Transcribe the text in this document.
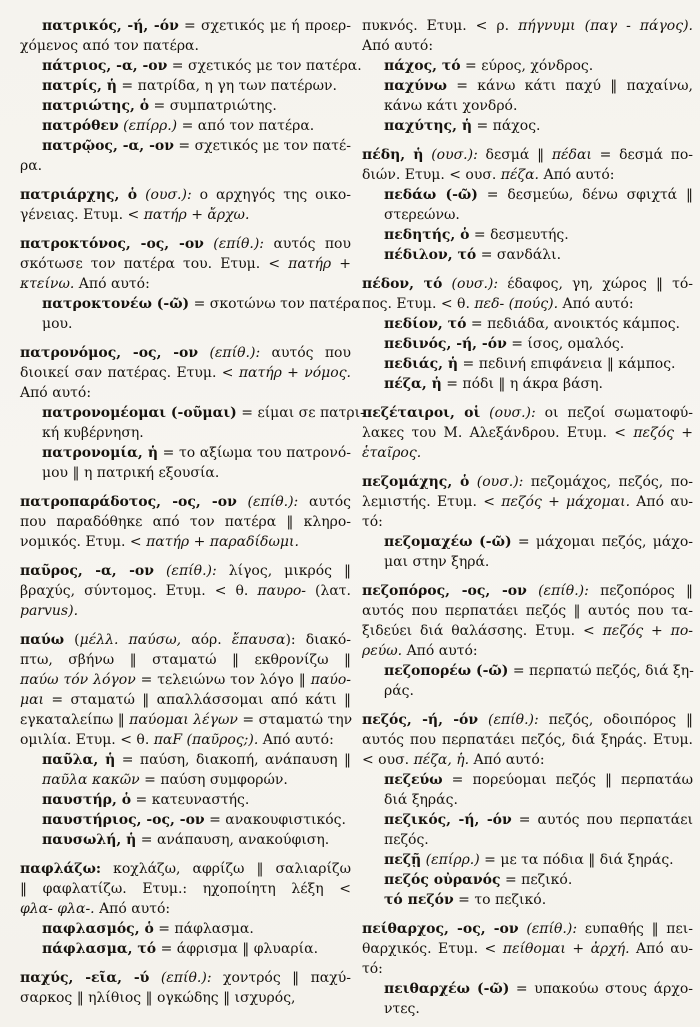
πατρικός, -ή, -όν = σχετικός με ή προερ-
χόμενος από τον πατέρα.
πάτριος, -α, -ον = σχετικός με τον πατέρα.
πατρίς, ἡ = πατρίδα, η γη των πατέρων.
πατριώτης, ὁ = συμπατριώτης.
πατρόθεν (επίρρ.) = από τον πατέρα.
πατρῷος, -α, -ον = σχετικός με τον πατέ-
ρα.
πατριάρχης, ὁ (ουσ.): ο αρχηγός της οικο-
γένειας. Ετυμ. < πατήρ + ἄρχω.
πατροκτόνος, -ος, -ον (επίθ.): αυτός που
σκότωσε τον πατέρα του. Ετυμ. < πατήρ +
κτείνω. Από αυτό:
πατροκτονέω (-ῶ) = σκοτώνω τον πατέρα
μου.
πατρονόμος, -ος, -ον (επίθ.): αυτός που
διοικεί σαν πατέρας. Ετυμ. < πατήρ + νόμος.
Από αυτό:
πατρονομέομαι (-οῦμαι) = είμαι σε πατρι-
κή κυβέρνηση.
πατρονομία, ἡ = το αξίωμα του πατρονό-
μου ‖ η πατρική εξουσία.
πατροπαράδοτος, -ος, -ον (επίθ.): αυτός
που παραδόθηκε από τον πατέρα ‖ κληρο-
νομικός. Ετυμ. < πατήρ + παραδίδωμι.
παῦρος, -α, -ον (επίθ.): λίγος, μικρός ‖
βραχύς, σύντομος. Ετυμ. < θ. παυρο- (λατ.
parvus).
παύω (μέλλ. παύσω, αόρ. ἔπαυσα): διακό-
πτω, σβήνω ‖ σταματώ ‖ εκθρονίζω ‖
παύω τόν λόγον = τελειώνω τον λόγο ‖ παύο-
μαι = σταματώ ‖ απαλλάσσομαι από κάτι ‖
εγκαταλείπω ‖ παύομαι λέγων = σταματώ την
ομιλία. Ετυμ. < θ. παF (παῦρος;). Από αυτό:
παῦλα, ἡ = παύση, διακοπή, ανάπαυση ‖
παῦλα κακῶν = παύση συμφορών.
παυστήρ, ὁ = κατευναστής.
παυστήριος, -ος, -ον = ανακουφιστικός.
παυσωλή, ἡ = ανάπαυση, ανακούφιση.
παφλάζω: κοχλάζω, αφρίζω ‖ σαλιαρίζω
‖ φαφλατίζω. Ετυμ.: ηχοποίητη λέξη <
φλα- φλα-. Από αυτό:
παφλασμός, ὁ = πάφλασμα.
πάφλασμα, τό = άφρισμα ‖ φλυαρία.
παχύς, -εῖα, -ύ (επίθ.): χοντρός ‖ παχύ-
σαρκος ‖ ηλίθιος ‖ ογκώδης ‖ ισχυρός,
πυκνός. Ετυμ. < ρ. πήγνυμι (παγ - πάγος).
Από αυτό:
πάχος, τό = εύρος, χόνδρος.
παχύνω = κάνω κάτι παχύ ‖ παχαίνω,
κάνω κάτι χονδρό.
παχύτης, ἡ = πάχος.
πέδη, ἡ (ουσ.): δεσμά ‖ πέδαι = δεσμά πο-
διών. Ετυμ. < ουσ. πέζα. Από αυτό:
πεδάω (-ῶ) = δεσμεύω, δένω σφιχτά ‖
στερεώνω.
πεδητής, ὁ = δεσμευτής.
πέδιλον, τό = σανδάλι.
πέδον, τό (ουσ.): έδαφος, γη, χώρος ‖ τό-
πος. Ετυμ. < θ. πεδ- (πούς). Από αυτό:
πεδίον, τό = πεδιάδα, ανοικτός κάμπος.
πεδινός, -ή, -όν = ίσος, ομαλός.
πεδιάς, ἡ = πεδινή επιφάνεια ‖ κάμπος.
πέζα, ἡ = πόδι ‖ η άκρα βάση.
πεζέταιροι, οἱ (ουσ.): οι πεζοί σωματοφύ-
λακες του Μ. Αλεξάνδρου. Ετυμ. < πεζός +
ἑταῖρος.
πεζομάχης, ὁ (ουσ.): πεζομάχος, πεζός, πο-
λεμιστής. Ετυμ. < πεζός + μάχομαι. Από αυ-
τό:
πεζομαχέω (-ῶ) = μάχομαι πεζός, μάχο-
μαι στην ξηρά.
πεζοπόρος, -ος, -ον (επίθ.): πεζοπόρος ‖
αυτός που περπατάει πεζός ‖ αυτός που τα-
ξιδεύει διά θαλάσσης. Ετυμ. < πεζός + πο-
ρεύω. Από αυτό:
πεζοπορέω (-ῶ) = περπατώ πεζός, διά ξη-
ράς.
πεζός, -ή, -όν (επίθ.): πεζός, οδοιπόρος ‖
αυτός που περπατάει πεζός, διά ξηράς. Ετυμ.
< ουσ. πέζα, ἡ. Από αυτό:
πεζεύω = πορεύομαι πεζός ‖ περπατάω
διά ξηράς.
πεζικός, -ή, -όν = αυτός που περπατάει
πεζός.
πεζῇ (επίρρ.) = με τα πόδια ‖ διά ξηράς.
πεζός οὐρανός = πεζικό.
τό πεζόν = το πεζικό.
πείθαρχος, -ος, -ον (επίθ.): ευπαθής ‖ πει-
θαρχικός. Ετυμ. < πείθομαι + ἀρχή. Από αυ-
τό:
πειθαρχέω (-ῶ) = υπακούω στους άρχο-
ντες.
